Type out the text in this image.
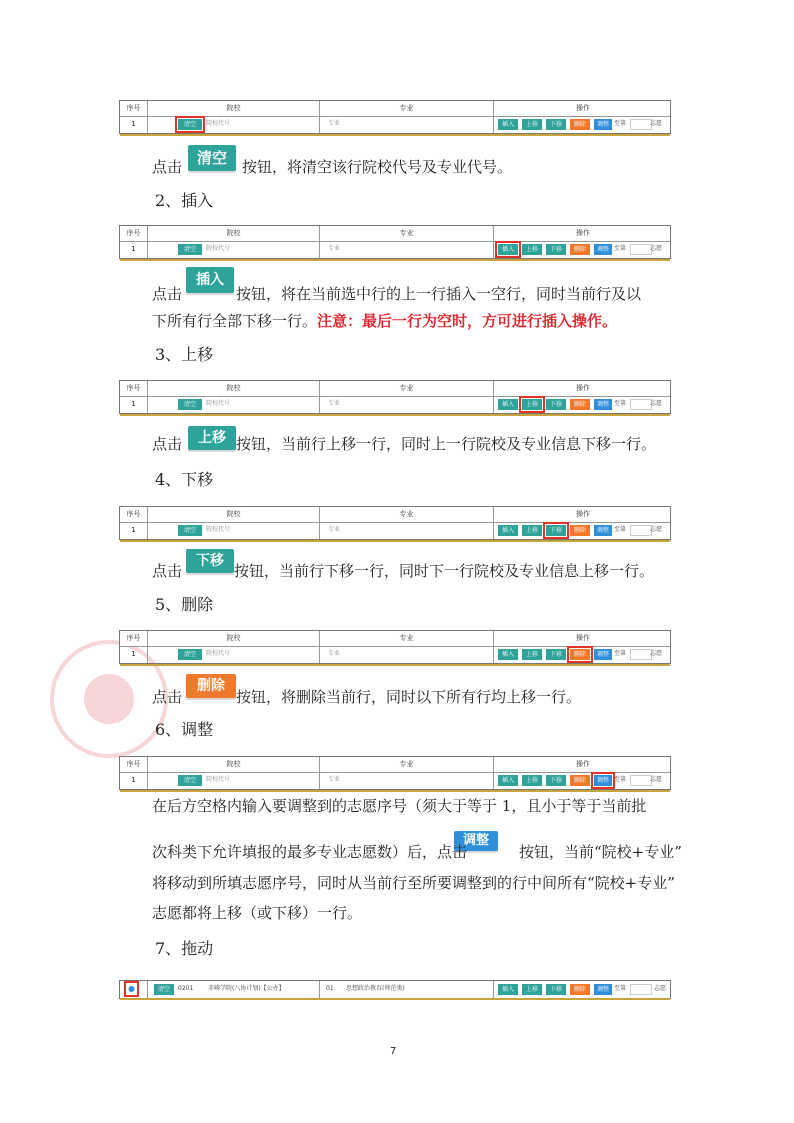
序号	院校	专业	操作
1	清空	院校代号	专业	插入	上移	下移	删除	调整 至第	志愿
点击	按钮，将清空该行院校代号及专业代号。
清空
2、插入
序号	院校	专业	操作
1	清空	院校代号	专业	插入	上移	下移	删除	调整 至第	志愿
插入
点击	按钮，将在当前选中行的上一行插入一空行，同时当前行及以
下所有行全部下移一行。注意：最后一行为空时，方可进行插入操作。
3、上移
序号	院校	专业	操作
1	清空	院校代号	专业	插入	上移	下移	删除	调整 至第	志愿
上移
点击	按钮，当前行上移一行，同时上一行院校及专业信息下移一行。
4、下移
序号	院校	专业	操作
1	清空	院校代号	专业	插入	上移	下移	删除	调整 至第	志愿
下移
点击	按钮，当前行下移一行，同时下一行院校及专业信息上移一行。
5、删除
序号	院校	专业	操作
1	清空	院校代号	专业	插入	上移	下移	删除	调整 至第	志愿
删除
点击	按钮，将删除当前行，同时以下所有行均上移一行。
6、调整
序号	院校	专业	操作
1	清空	院校代号	专业	插入	上移	下移	删除	调整 至第	志愿
在后方空格内输入要调整到的志愿序号（须大于等于 1，且小于等于当前批
调整
次科类下允许填报的最多专业志愿数）后，点击	按钮，当前“院校+专业”
将移动到所填志愿序号，同时从当前行至所要调整到的行中间所有“院校+专业”
志愿都将上移（或下移）一行。
7、拖动
清空	0201 赤峰学院(八协计划)【公办】	01 思想政治教育(师范类)	插入	上移	下移	删除	调整 至第	志愿
7
